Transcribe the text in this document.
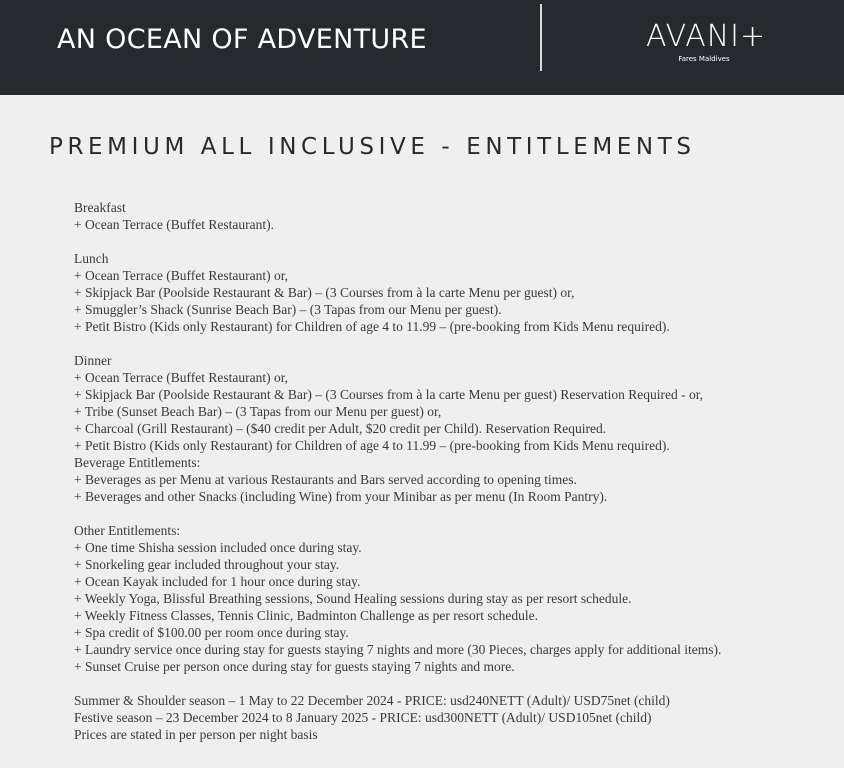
AN OCEAN OF ADVENTURE	AVANI+
Fares Maldives
PREMIUM ALL INCLUSIVE - ENTITLEMENTS
Breakfast
+ Ocean Terrace (Buffet Restaurant).
Lunch
+ Ocean Terrace (Buffet Restaurant) or,
+ Skipjack Bar (Poolside Restaurant & Bar) – (3 Courses from à la carte Menu per guest) or,
+ Smuggler’s Shack (Sunrise Beach Bar) – (3 Tapas from our Menu per guest).
+ Petit Bistro (Kids only Restaurant) for Children of age 4 to 11.99 – (pre-booking from Kids Menu required).
Dinner
+ Ocean Terrace (Buffet Restaurant) or,
+ Skipjack Bar (Poolside Restaurant & Bar) – (3 Courses from à la carte Menu per guest) Reservation Required - or,
+ Tribe (Sunset Beach Bar) – (3 Tapas from our Menu per guest) or,
+ Charcoal (Grill Restaurant) – ($40 credit per Adult, $20 credit per Child). Reservation Required.
+ Petit Bistro (Kids only Restaurant) for Children of age 4 to 11.99 – (pre-booking from Kids Menu required).
Beverage Entitlements:
+ Beverages as per Menu at various Restaurants and Bars served according to opening times.
+ Beverages and other Snacks (including Wine) from your Minibar as per menu (In Room Pantry).
Other Entitlements:
+ One time Shisha session included once during stay.
+ Snorkeling gear included throughout your stay.
+ Ocean Kayak included for 1 hour once during stay.
+ Weekly Yoga, Blissful Breathing sessions, Sound Healing sessions during stay as per resort schedule.
+ Weekly Fitness Classes, Tennis Clinic, Badminton Challenge as per resort schedule.
+ Spa credit of $100.00 per room once during stay.
+ Laundry service once during stay for guests staying 7 nights and more (30 Pieces, charges apply for additional items).
+ Sunset Cruise per person once during stay for guests staying 7 nights and more.
Summer & Shoulder season – 1 May to 22 December 2024 - PRICE: usd240NETT (Adult)/ USD75net (child)
Festive season – 23 December 2024 to 8 January 2025 - PRICE: usd300NETT (Adult)/ USD105net (child)
Prices are stated in per person per night basis
